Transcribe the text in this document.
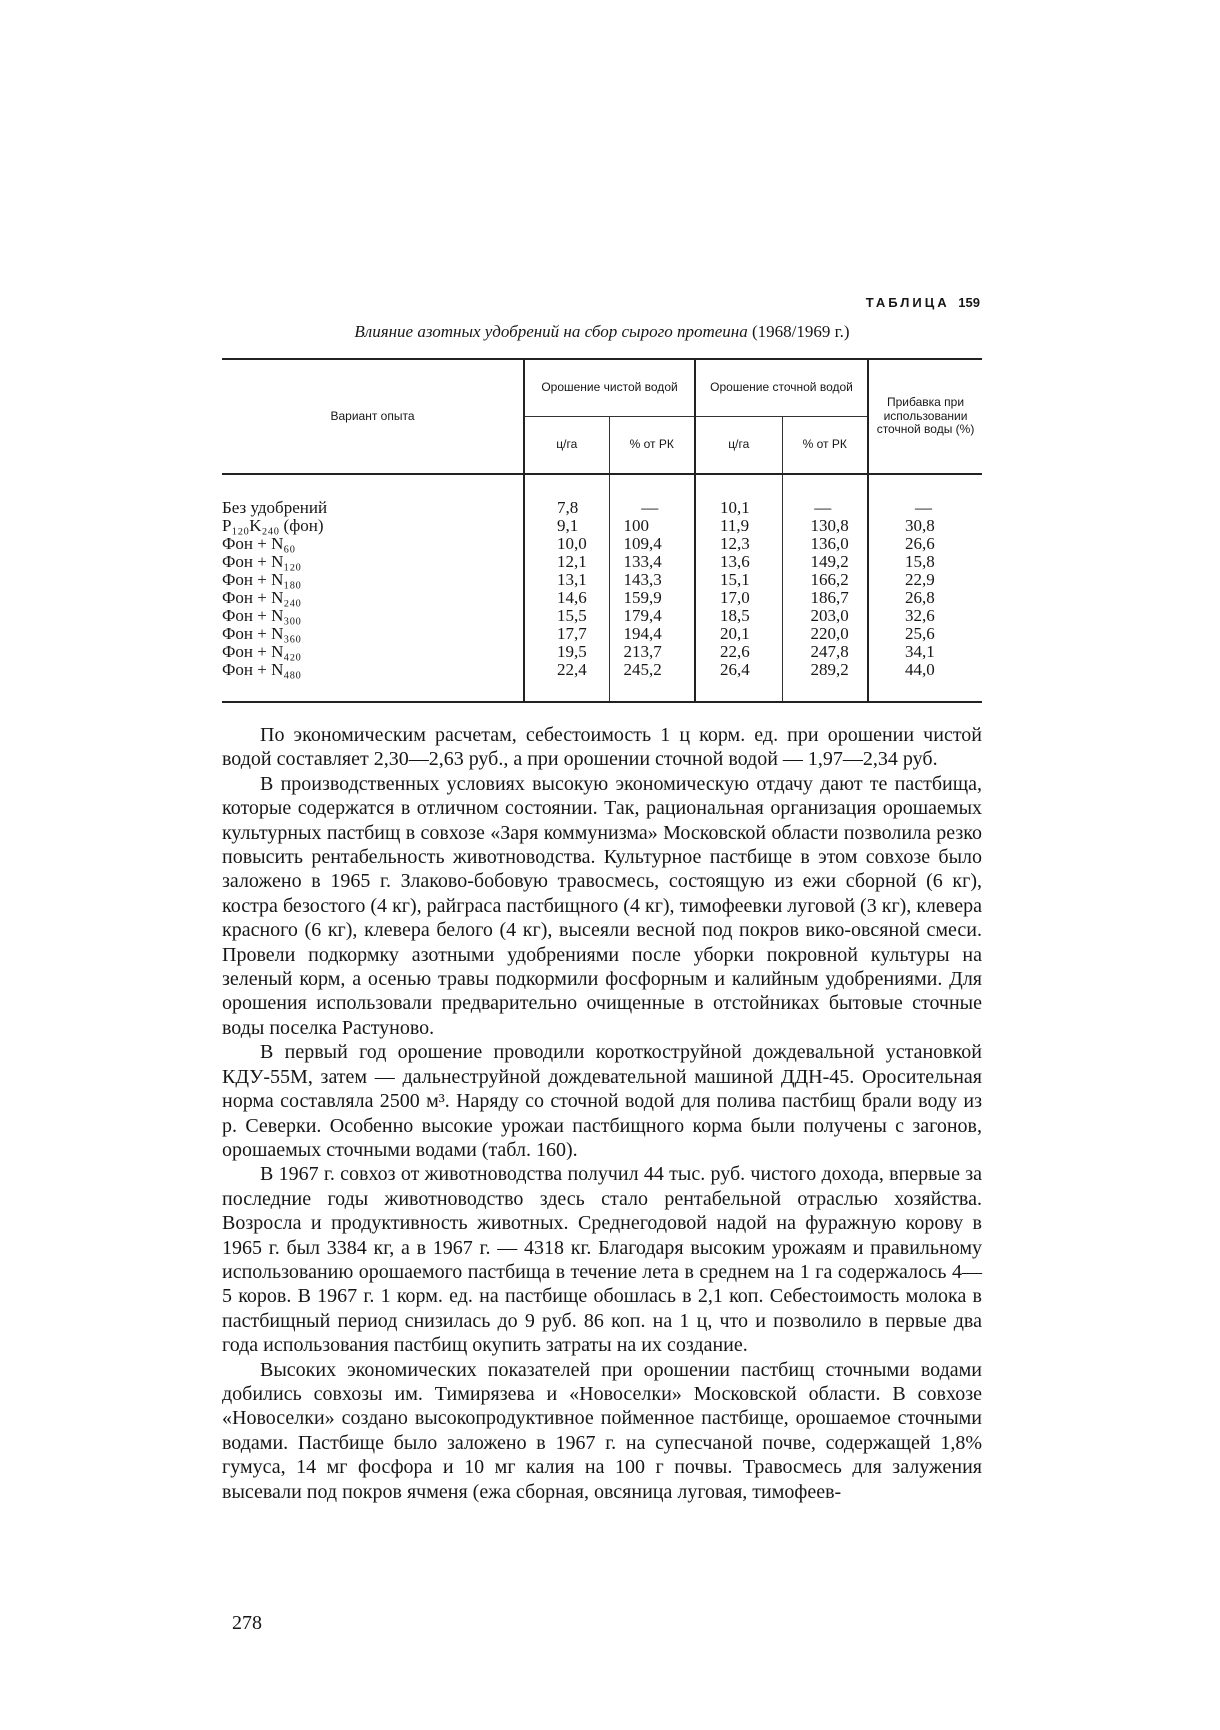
ТАБЛИЦА 159
Влияние азотных удобрений на сбор сырого протеина (1968/1969 г.)
Вариант опыта	Орошение чистой водой		Орошение сточной водой		Прибавка при использовании сточной воды (%)
	ц/га	% от РК	ц/га	% от РК	

Без удобрений	7,8	—	10,1	—	—
P₁₂₀K₂₄₀ (фон)	9,1	100	11,9	130,8	30,8
Фон + N₆₀	10,0	109,4	12,3	136,0	26,6
Фон + N₁₂₀	12,1	133,4	13,6	149,2	15,8
Фон + N₁₈₀	13,1	143,3	15,1	166,2	22,9
Фон + N₂₄₀	14,6	159,9	17,0	186,7	26,8
Фон + N₃₀₀	15,5	179,4	18,5	203,0	32,6
Фон + N₃₆₀	17,7	194,4	20,1	220,0	25,6
Фон + N₄₂₀	19,5	213,7	22,6	247,8	34,1
Фон + N₄₈₀	22,4	245,2	26,4	289,2	44,0

По экономическим расчетам, себестоимость 1 ц корм. ед. при орошении чистой водой составляет 2,30—2,63 руб., а при орошении сточной водой — 1,97—2,34 руб.

В производственных условиях высокую экономическую отдачу дают те пастбища, которые содержатся в отличном состоянии. Так, рациональная организация орошаемых культурных пастбищ в совхозе «Заря коммунизма» Московской области позволила резко повысить рентабельность животноводства. Культурное пастбище в этом совхозе было заложено в 1965 г. Злаково-бобовую травосмесь, состоящую из ежи сборной (6 кг), костра безостого (4 кг), райграса пастбищного (4 кг), тимофеевки луговой (3 кг), клевера красного (6 кг), клевера белого (4 кг), высеяли весной под покров вико-овсяной смеси. Провели подкормку азотными удобрениями после уборки покровной культуры на зеленый корм, а осенью травы подкормили фосфорным и калийным удобрениями. Для орошения использовали предварительно очищенные в отстойниках бытовые сточные воды поселка Растуново.

В первый год орошение проводили короткоструйной дождевальной установкой КДУ-55М, затем — дальнеструйной дождевательной машиной ДДН-45. Оросительная норма составляла 2500 м³. Наряду со сточной водой для полива пастбищ брали воду из р. Северки. Особенно высокие урожаи пастбищного корма были получены с загонов, орошаемых сточными водами (табл. 160).

В 1967 г. совхоз от животноводства получил 44 тыс. руб. чистого дохода, впервые за последние годы животноводство здесь стало рентабельной отраслью хозяйства. Возросла и продуктивность животных. Среднегодовой надой на фуражную корову в 1965 г. был 3384 кг, а в 1967 г. — 4318 кг. Благодаря высоким урожаям и правильному использованию орошаемого пастбища в течение лета в среднем на 1 га содержалось 4—5 коров. В 1967 г. 1 корм. ед. на пастбище обошлась в 2,1 коп. Себестоимость молока в пастбищный период снизилась до 9 руб. 86 коп. на 1 ц, что и позволило в первые два года использования пастбищ окупить затраты на их создание.

Высоких экономических показателей при орошении пастбищ сточными водами добились совхозы им. Тимирязева и «Новоселки» Московской области. В совхозе «Новоселки» создано высокопродуктивное пойменное пастбище, орошаемое сточными водами. Пастбище было заложено в 1967 г. на супесчаной почве, содержащей 1,8% гумуса, 14 мг фосфора и 10 мг калия на 100 г почвы. Травосмесь для залужения высевали под покров ячменя (ежа сборная, овсяница луговая, тимофеев-

278
